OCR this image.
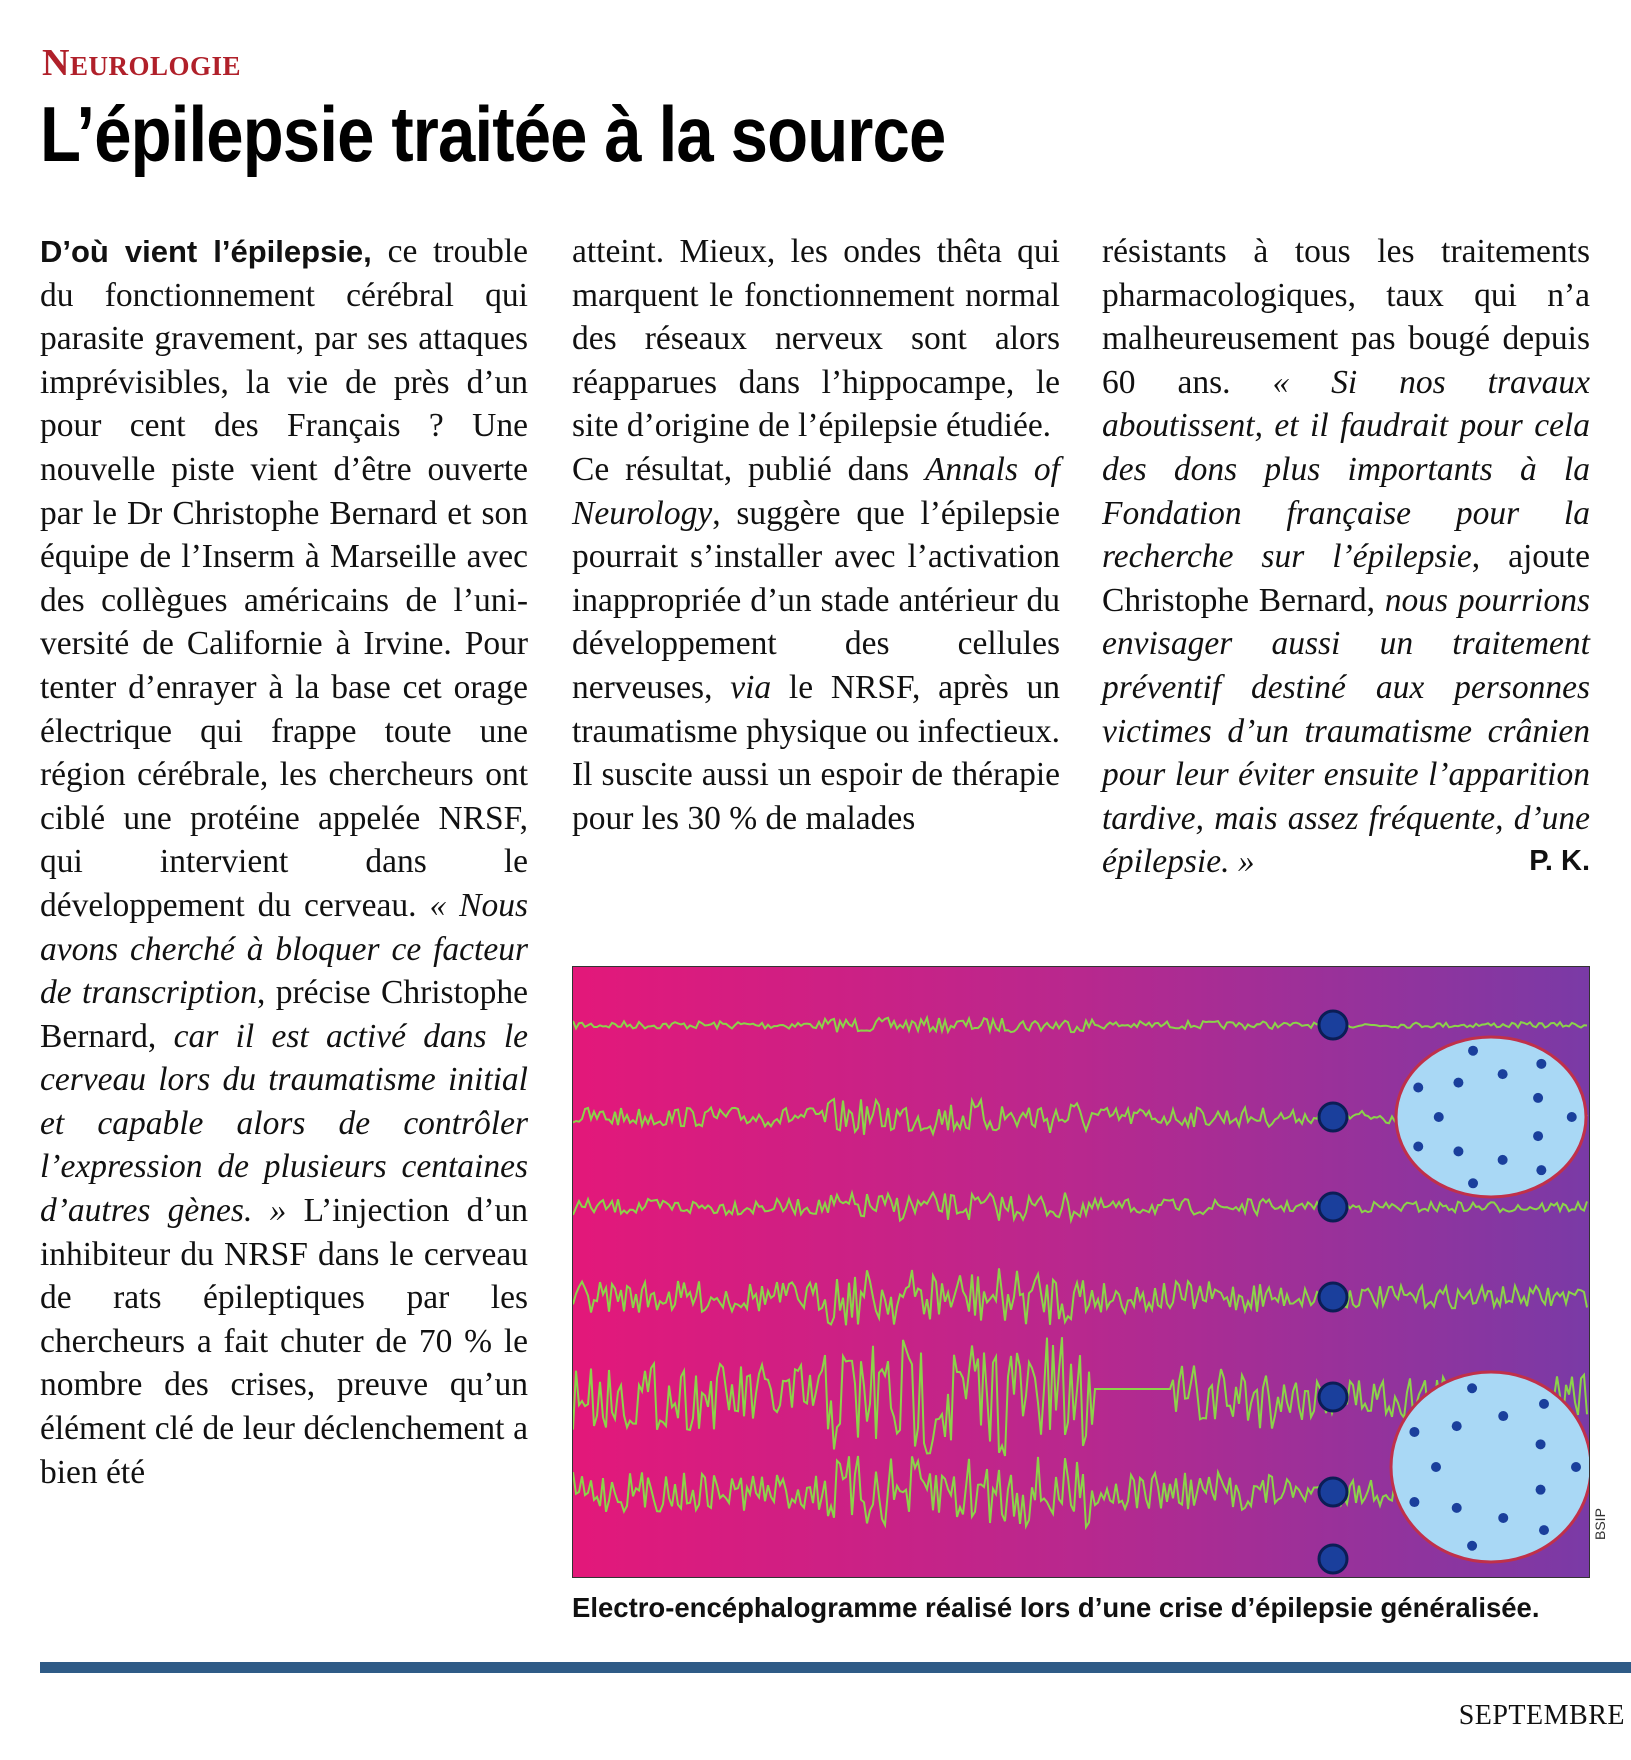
Neurologie
L’épilepsie traitée à la source

D’où vient l’épilepsie, ce trouble du fonctionnement cérébral qui parasite gravement, par ses attaques imprévisibles, la vie de près d’un pour cent des Français ? Une nouvelle piste vient d’être ouverte par le Dr Christophe Bernard et son équipe de l’Inserm à Marseille avec des collègues américains de l’université de Californie à Irvine. Pour tenter d’enrayer à la base cet orage électrique qui frappe toute une région cérébrale, les chercheurs ont ciblé une protéine appelée NRSF, qui intervient dans le développement du cerveau. « Nous avons cherché à bloquer ce facteur de transcription, précise Christophe Bernard, car il est activé dans le cerveau lors du traumatisme initial et capable alors de contrôler l’expression de plusieurs centaines d’autres gènes. » L’injection d’un inhibiteur du NRSF dans le cerveau de rats épileptiques par les chercheurs a fait chuter de 70 % le nombre des crises, preuve qu’un élément clé de leur déclenchement a bien été

atteint. Mieux, les ondes thêta qui marquent le fonctionnement normal des réseaux nerveux sont alors réapparues dans l’hippocampe, le site d’origine de l’épilepsie étudiée.

Ce résultat, publié dans Annals of Neurology, suggère que l’épilepsie pourrait s’installer avec l’activation inappropriée d’un stade antérieur du développement des cellules nerveuses, via le NRSF, après un traumatisme physique ou infectieux. Il suscite aussi un espoir de thérapie pour les 30 % de malades

résistants à tous les traitements pharmacologiques, taux qui n’a malheureusement pas bougé depuis 60 ans. « Si nos travaux aboutissent, et il faudrait pour cela des dons plus importants à la Fondation française pour la recherche sur l’épilepsie, ajoute Christophe Bernard, nous pourrions envisager aussi un traitement préventif destiné aux personnes victimes d’un traumatisme crânien pour leur éviter ensuite l’apparition tardive, mais assez fréquente, d’une épilepsie. »	P. K.

BSIP
Electro-encéphalogramme réalisé lors d’une crise d’épilepsie généralisée.
SEPTEMBRE
